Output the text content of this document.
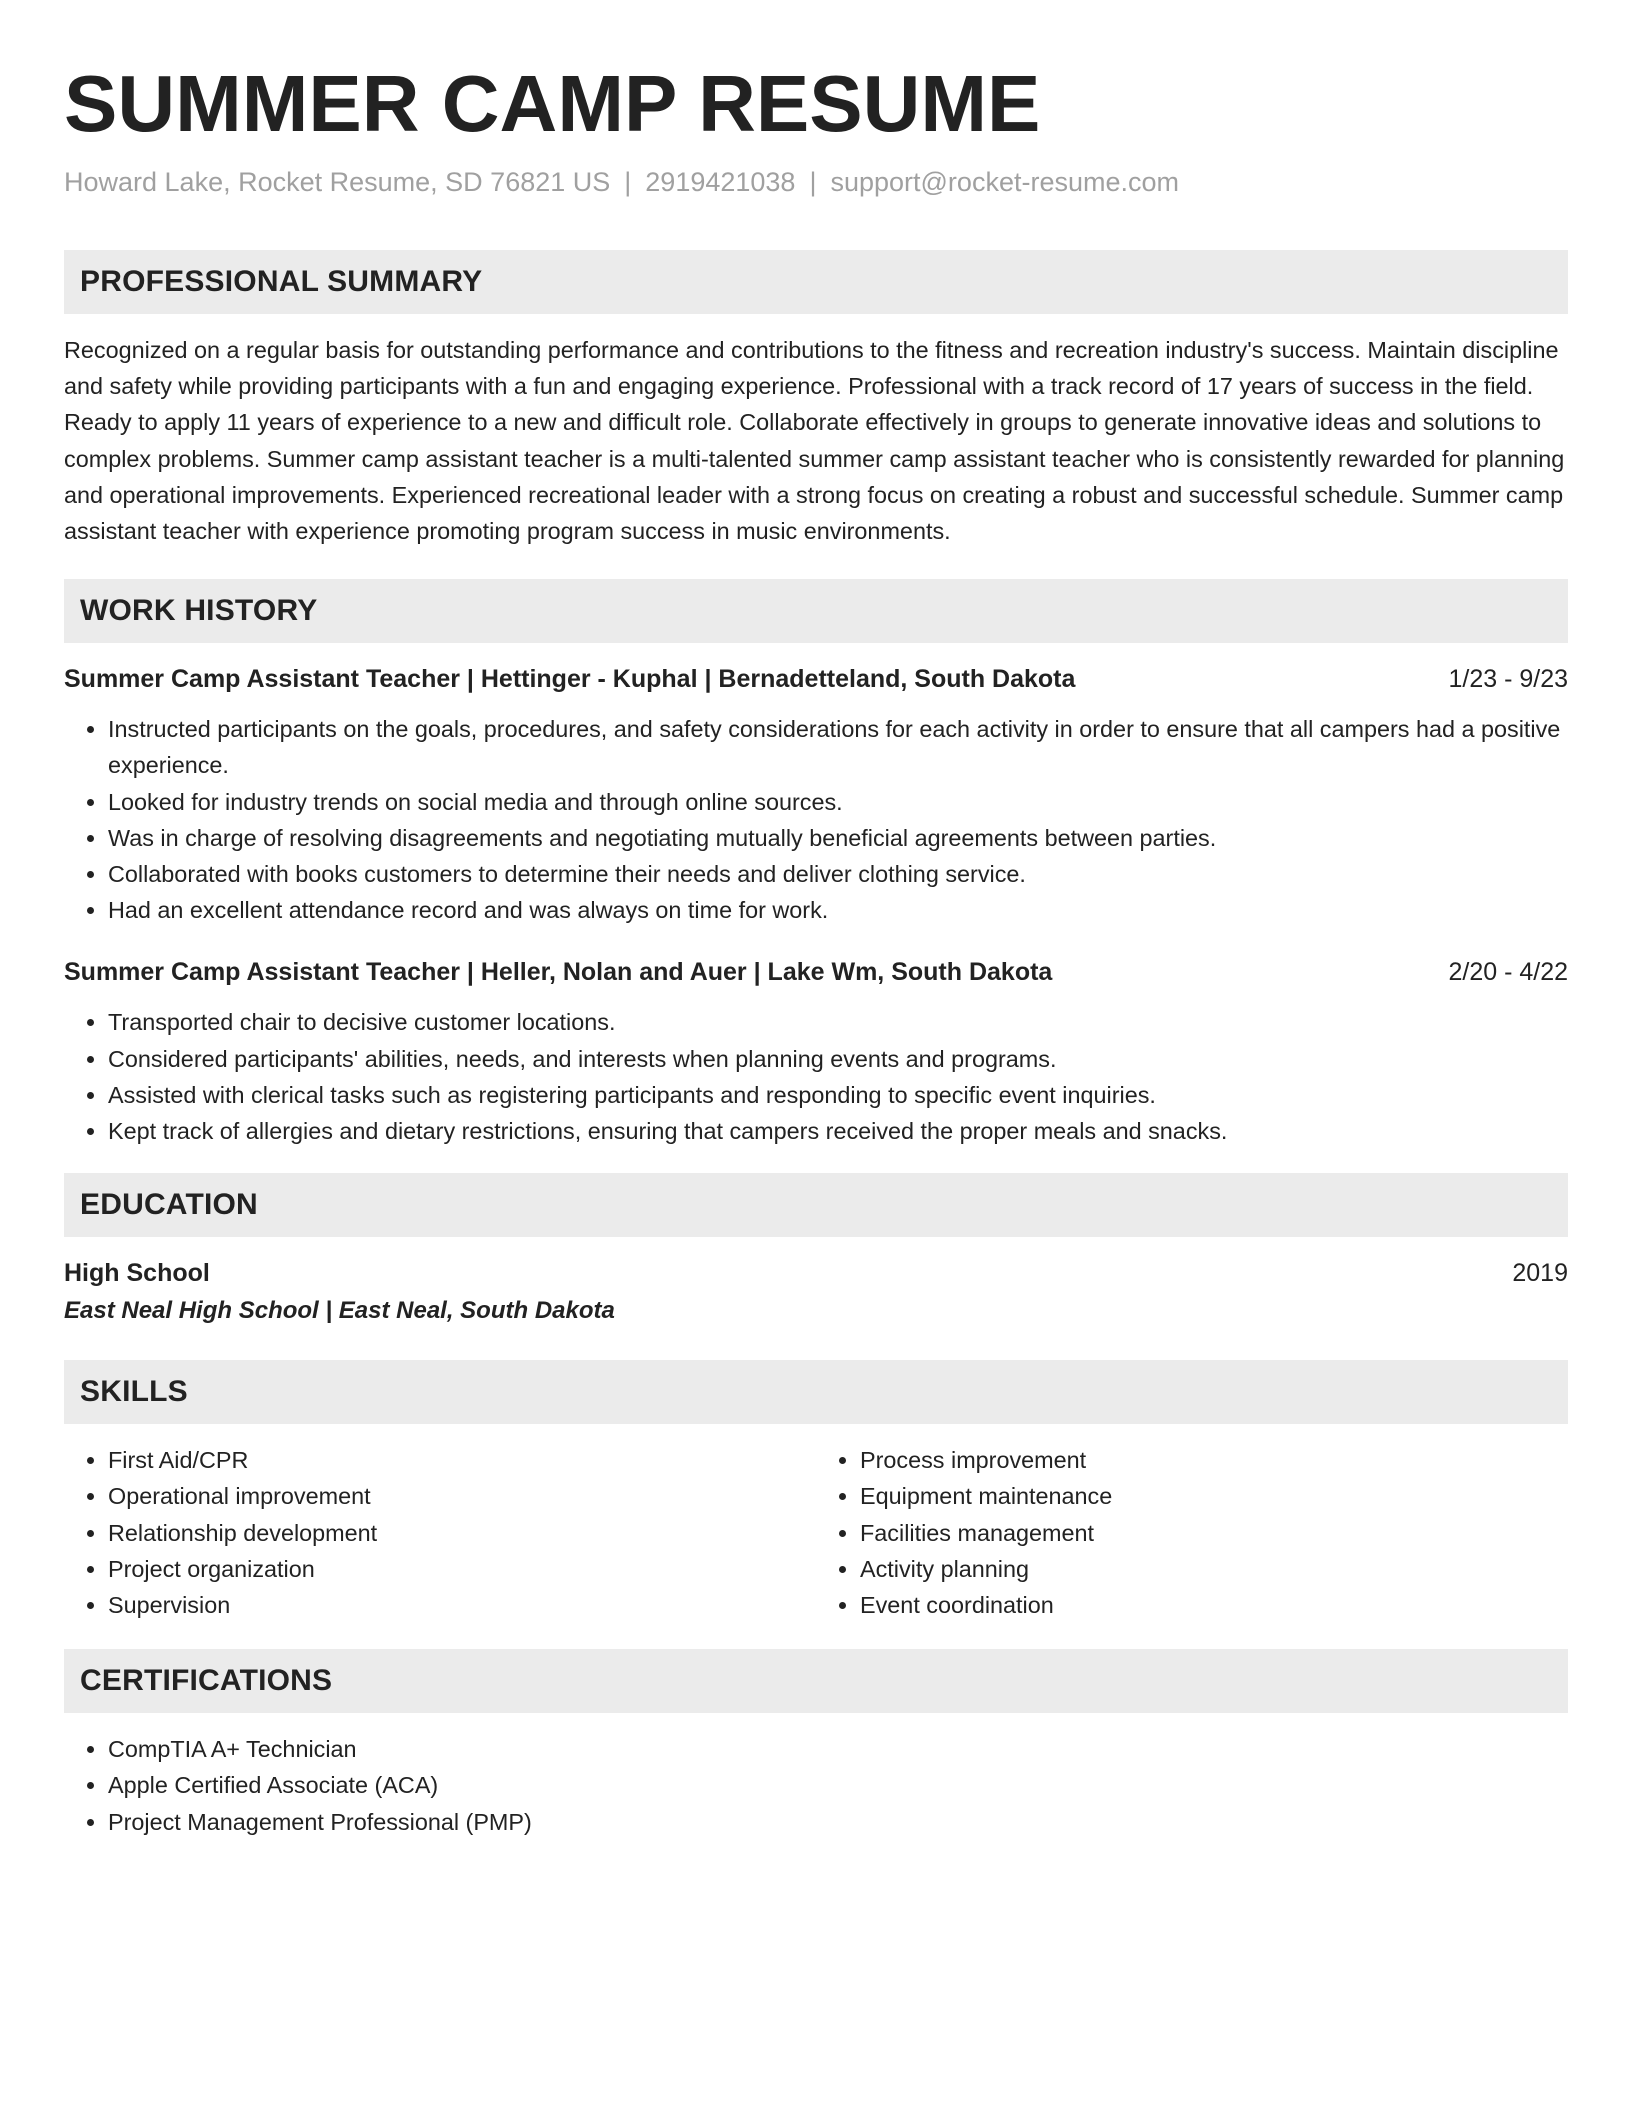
SUMMER CAMP RESUME
Howard Lake, Rocket Resume, SD 76821 US | 2919421038 | support@rocket-resume.com
PROFESSIONAL SUMMARY
Recognized on a regular basis for outstanding performance and contributions to the fitness and recreation industry's success. Maintain discipline and safety while providing participants with a fun and engaging experience. Professional with a track record of 17 years of success in the field. Ready to apply 11 years of experience to a new and difficult role. Collaborate effectively in groups to generate innovative ideas and solutions to complex problems. Summer camp assistant teacher is a multi-talented summer camp assistant teacher who is consistently rewarded for planning and operational improvements. Experienced recreational leader with a strong focus on creating a robust and successful schedule. Summer camp assistant teacher with experience promoting program success in music environments.
WORK HISTORY
Summer Camp Assistant Teacher | Hettinger - Kuphal | Bernadetteland, South Dakota	1/23 - 9/23
• Instructed participants on the goals, procedures, and safety considerations for each activity in order to ensure that all campers had a positive experience.
• Looked for industry trends on social media and through online sources.
• Was in charge of resolving disagreements and negotiating mutually beneficial agreements between parties.
• Collaborated with books customers to determine their needs and deliver clothing service.
• Had an excellent attendance record and was always on time for work.
Summer Camp Assistant Teacher | Heller, Nolan and Auer | Lake Wm, South Dakota	2/20 - 4/22
• Transported chair to decisive customer locations.
• Considered participants' abilities, needs, and interests when planning events and programs.
• Assisted with clerical tasks such as registering participants and responding to specific event inquiries.
• Kept track of allergies and dietary restrictions, ensuring that campers received the proper meals and snacks.
EDUCATION
High School	2019
East Neal High School | East Neal, South Dakota
SKILLS
• First Aid/CPR
• Operational improvement
• Relationship development
• Project organization
• Supervision
• Process improvement
• Equipment maintenance
• Facilities management
• Activity planning
• Event coordination
CERTIFICATIONS
• CompTIA A+ Technician
• Apple Certified Associate (ACA)
• Project Management Professional (PMP)
